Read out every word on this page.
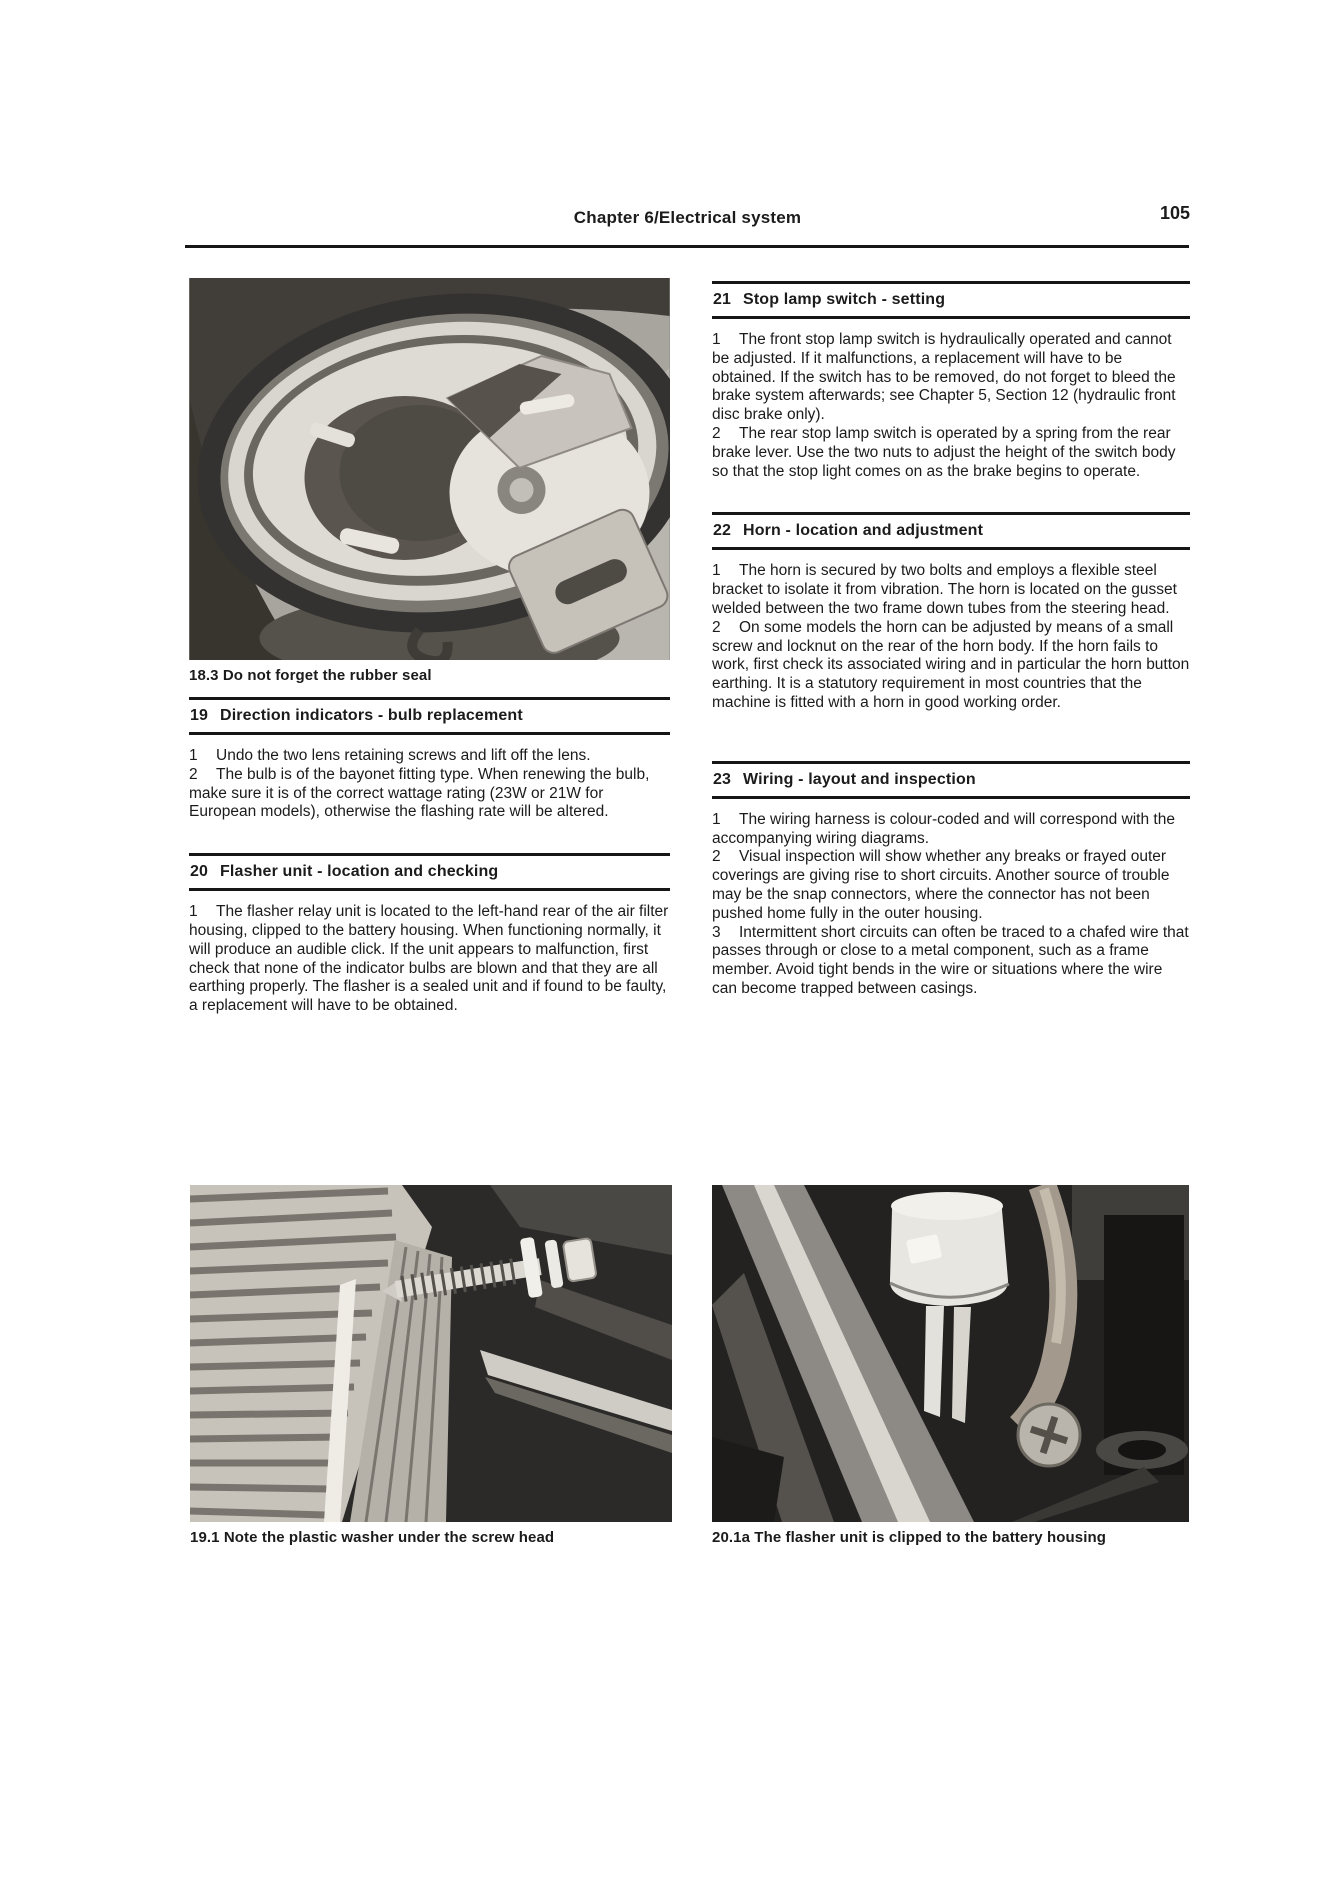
Chapter 6/Electrical system	105
18.3 Do not forget the rubber seal
19 Direction indicators - bulb replacement

1 Undo the two lens retaining screws and lift off the lens.

2 The bulb is of the bayonet fitting type. When renewing the bulb, make sure it is of the correct wattage rating (23W or 21W for European models), otherwise the flashing rate will be altered.

20 Flasher unit - location and checking

1 The flasher relay unit is located to the left-hand rear of the air filter housing, clipped to the battery housing. When functioning normally, it will produce an audible click. If the unit appears to malfunction, first check that none of the indicator bulbs are blown and that they are all earthing properly. The flasher is a sealed unit and if found to be faulty, a replacement will have to be obtained.

21 Stop lamp switch - setting

1 The front stop lamp switch is hydraulically operated and cannot be adjusted. If it malfunctions, a replacement will have to be obtained. If the switch has to be removed, do not forget to bleed the brake system afterwards; see Chapter 5, Section 12 (hydraulic front disc brake only).

2 The rear stop lamp switch is operated by a spring from the rear brake lever. Use the two nuts to adjust the height of the switch body so that the stop light comes on as the brake begins to operate.

22 Horn - location and adjustment

1 The horn is secured by two bolts and employs a flexible steel bracket to isolate it from vibration. The horn is located on the gusset welded between the two frame down tubes from the steering head.

2 On some models the horn can be adjusted by means of a small screw and locknut on the rear of the horn body. If the horn fails to work, first check its associated wiring and in particular the horn button earthing. It is a statutory requirement in most countries that the machine is fitted with a horn in good working order.

23 Wiring - layout and inspection

1 The wiring harness is colour-coded and will correspond with the accompanying wiring diagrams.

2 Visual inspection will show whether any breaks or frayed outer coverings are giving rise to short circuits. Another source of trouble may be the snap connectors, where the connector has not been pushed home fully in the outer housing.

3 Intermittent short circuits can often be traced to a chafed wire that passes through or close to a metal component, such as a frame member. Avoid tight bends in the wire or situations where the wire can become trapped between casings.

19.1 Note the plastic washer under the screw head	20.1a The flasher unit is clipped to the battery housing
